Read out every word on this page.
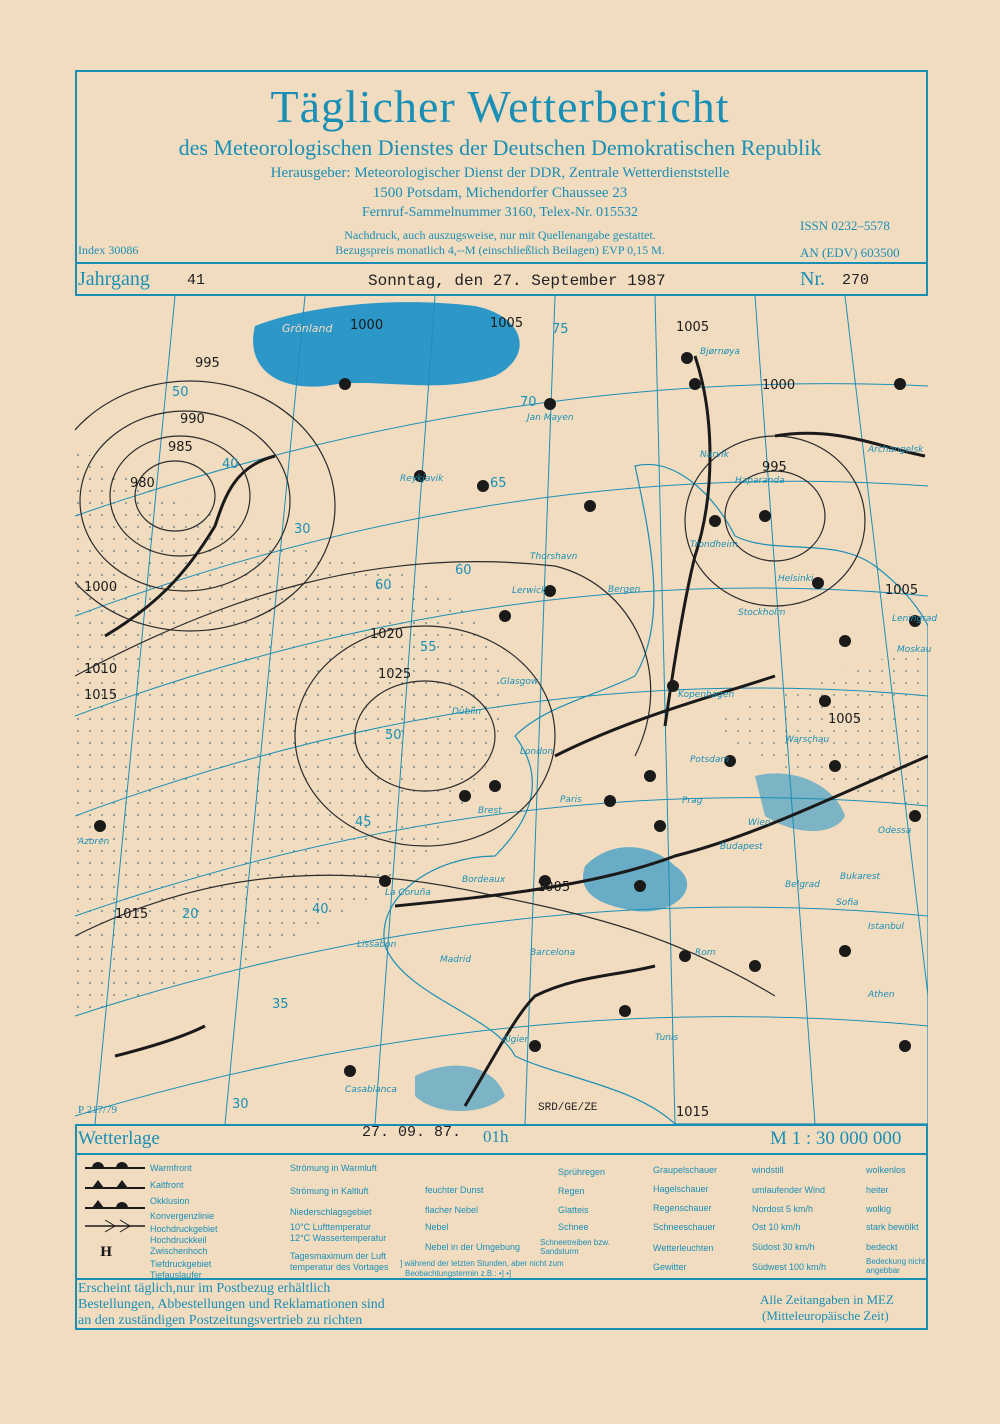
Täglicher Wetterbericht
des Meteorologischen Dienstes der Deutschen Demokratischen Republik
Herausgeber: Meteorologischer Dienst der DDR, Zentrale Wetterdienststelle
1500 Potsdam, Michendorfer Chaussee 23
Fernruf-Sammelnummer 3160, Telex-Nr. 015532
Nachdruck, auch auszugsweise, nur mit Quellenangabe gestattet.
Bezugspreis monatlich 4,--M (einschließlich Beilagen) EVP 0,15 M.
Index 30086
ISSN 0232–5578
AN (EDV) 603500
Jahrgang 41	Sonntag, den 27. September 1987	Nr. 270
1000	1005	1005
995
990
985
980
1000
1020
1025
1010
1015
1000
995
1005
1005
1015
1005
1015
50
40
30
60
55
50
45
40
35
30
20
70
75
65
60
Grönland
Jan Mayen
Bjørnøya
Narvik
Reykjavik	Haparanda
Trondheim
Bergen
Stockholm
Helsinki
Leningrad
Archangelsk
Kopenhagen
Warschau
Potsdam
Prag
Wien
Budapest
Belgrad
Bukarest
Sofia
Istanbul
Athen
Paris
Brest
Bordeaux
La Coruña
Madrid
Lissabon
Barcelona	Rom
Tunis
Algier
Casablanca
Azoren
Glasgow
Dublin
London
Lerwick
Thorshavn
Odessa
Moskau
P 217/79	SRD/GE/ZE
Wetterlage	27. 09. 87. 01h	M 1 : 30 000 000
H
Warmfront
Kaltfront
Okklusion
Konvergenzlinie
Hochdruckgebiet
Hochdruckkeil
Zwischenhoch
Tiefdruckgebiet
Tiefauslaufer
Strömung in Warmluft
Strömung in Kaltluft
Niederschlagsgebiet
10°C Lufttemperatur
12°C Wassertemperatur
Tagesmaximum der Luft
temperatur des Vortages
feuchter Dunst
flacher Nebel
Nebel
Nebel in der Umgebung
] während der letzten Stunden, aber nicht zum
Beobachtungstermin z.B.: •] •]
Sprühregen
Regen
Glatteis
Schnee
Schneetreiben bzw. Sandsturm
Graupelschauer
Hagelschauer
Regenschauer
Schneeschauer
Wetterleuchten
Gewitter
windstill
umlaufender Wind
Nordost 5 km/h
Ost 10 km/h
Südost 30 km/h
Südwest 100 km/h
wolkenlos
heiter
wolkig
stark bewölkt
bedeckt
Bedeckung nicht angebbar
Erscheint täglich,nur im Postbezug erhältlich
Bestellungen, Abbestellungen und Reklamationen sind
an den zuständigen Postzeitungsvertrieb zu richten
Alle Zeitangaben in MEZ
(Mitteleuropäische Zeit)
